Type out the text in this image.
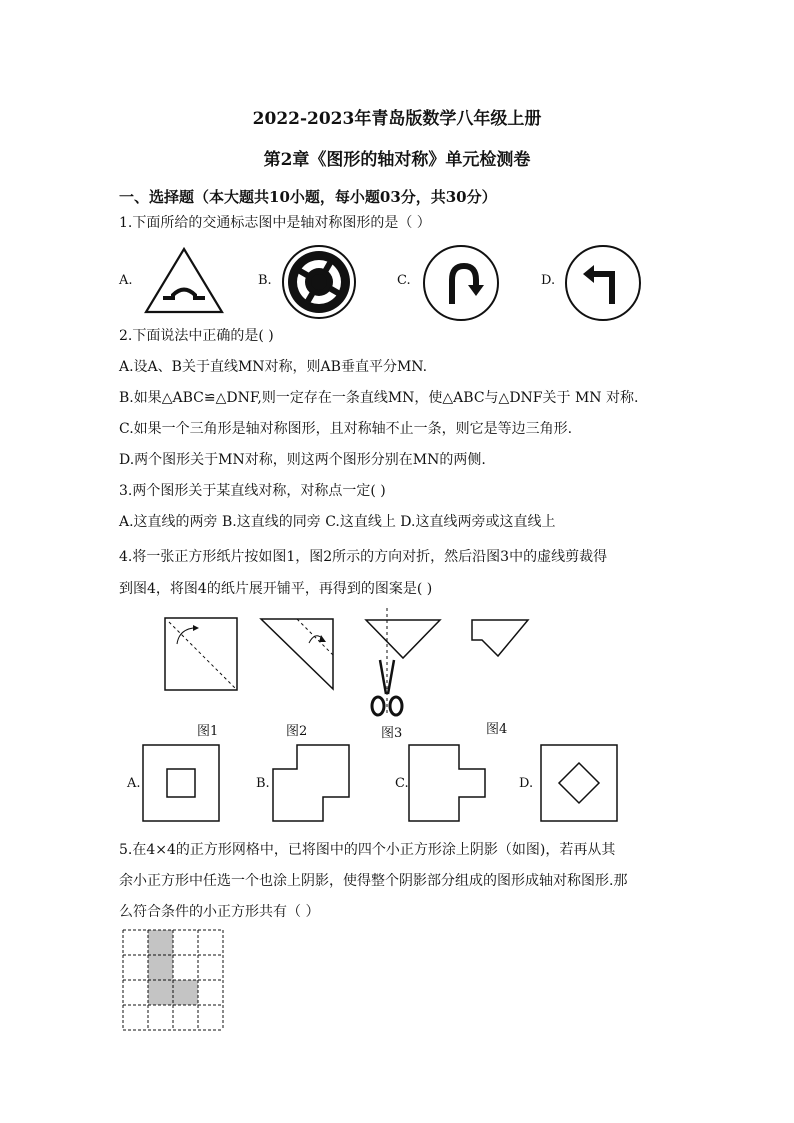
2022-2023年青岛版数学八年级上册
第2章《图形的轴对称》单元检测卷
一、选择题（本大题共10小题，每小题03分，共30分）
1.下面所给的交通标志图中是轴对称图形的是（ ）
A.	B.	C.	D.
2.下面说法中正确的是( )
A.设A、B关于直线MN对称，则AB垂直平分MN.
B.如果△ABC≌△DNF,则一定存在一条直线MN，使△ABC与△DNF关于 MN 对称.
C.如果一个三角形是轴对称图形，且对称轴不止一条，则它是等边三角形.
D.两个图形关于MN对称，则这两个图形分别在MN的两侧.
3.两个图形关于某直线对称，对称点一定( )
A.这直线的两旁 B.这直线的同旁 C.这直线上 D.这直线两旁或这直线上
4.将一张正方形纸片按如图1，图2所示的方向对折，然后沿图3中的虚线剪裁得
到图4，将图4的纸片展开铺平，再得到的图案是( )
图1	图2	图3	图4
A.	B.	C.	D.
5.在4×4的正方形网格中，已将图中的四个小正方形涂上阴影（如图)，若再从其
余小正方形中任选一个也涂上阴影，使得整个阴影部分组成的图形成轴对称图形.那
么符合条件的小正方形共有（ ）
